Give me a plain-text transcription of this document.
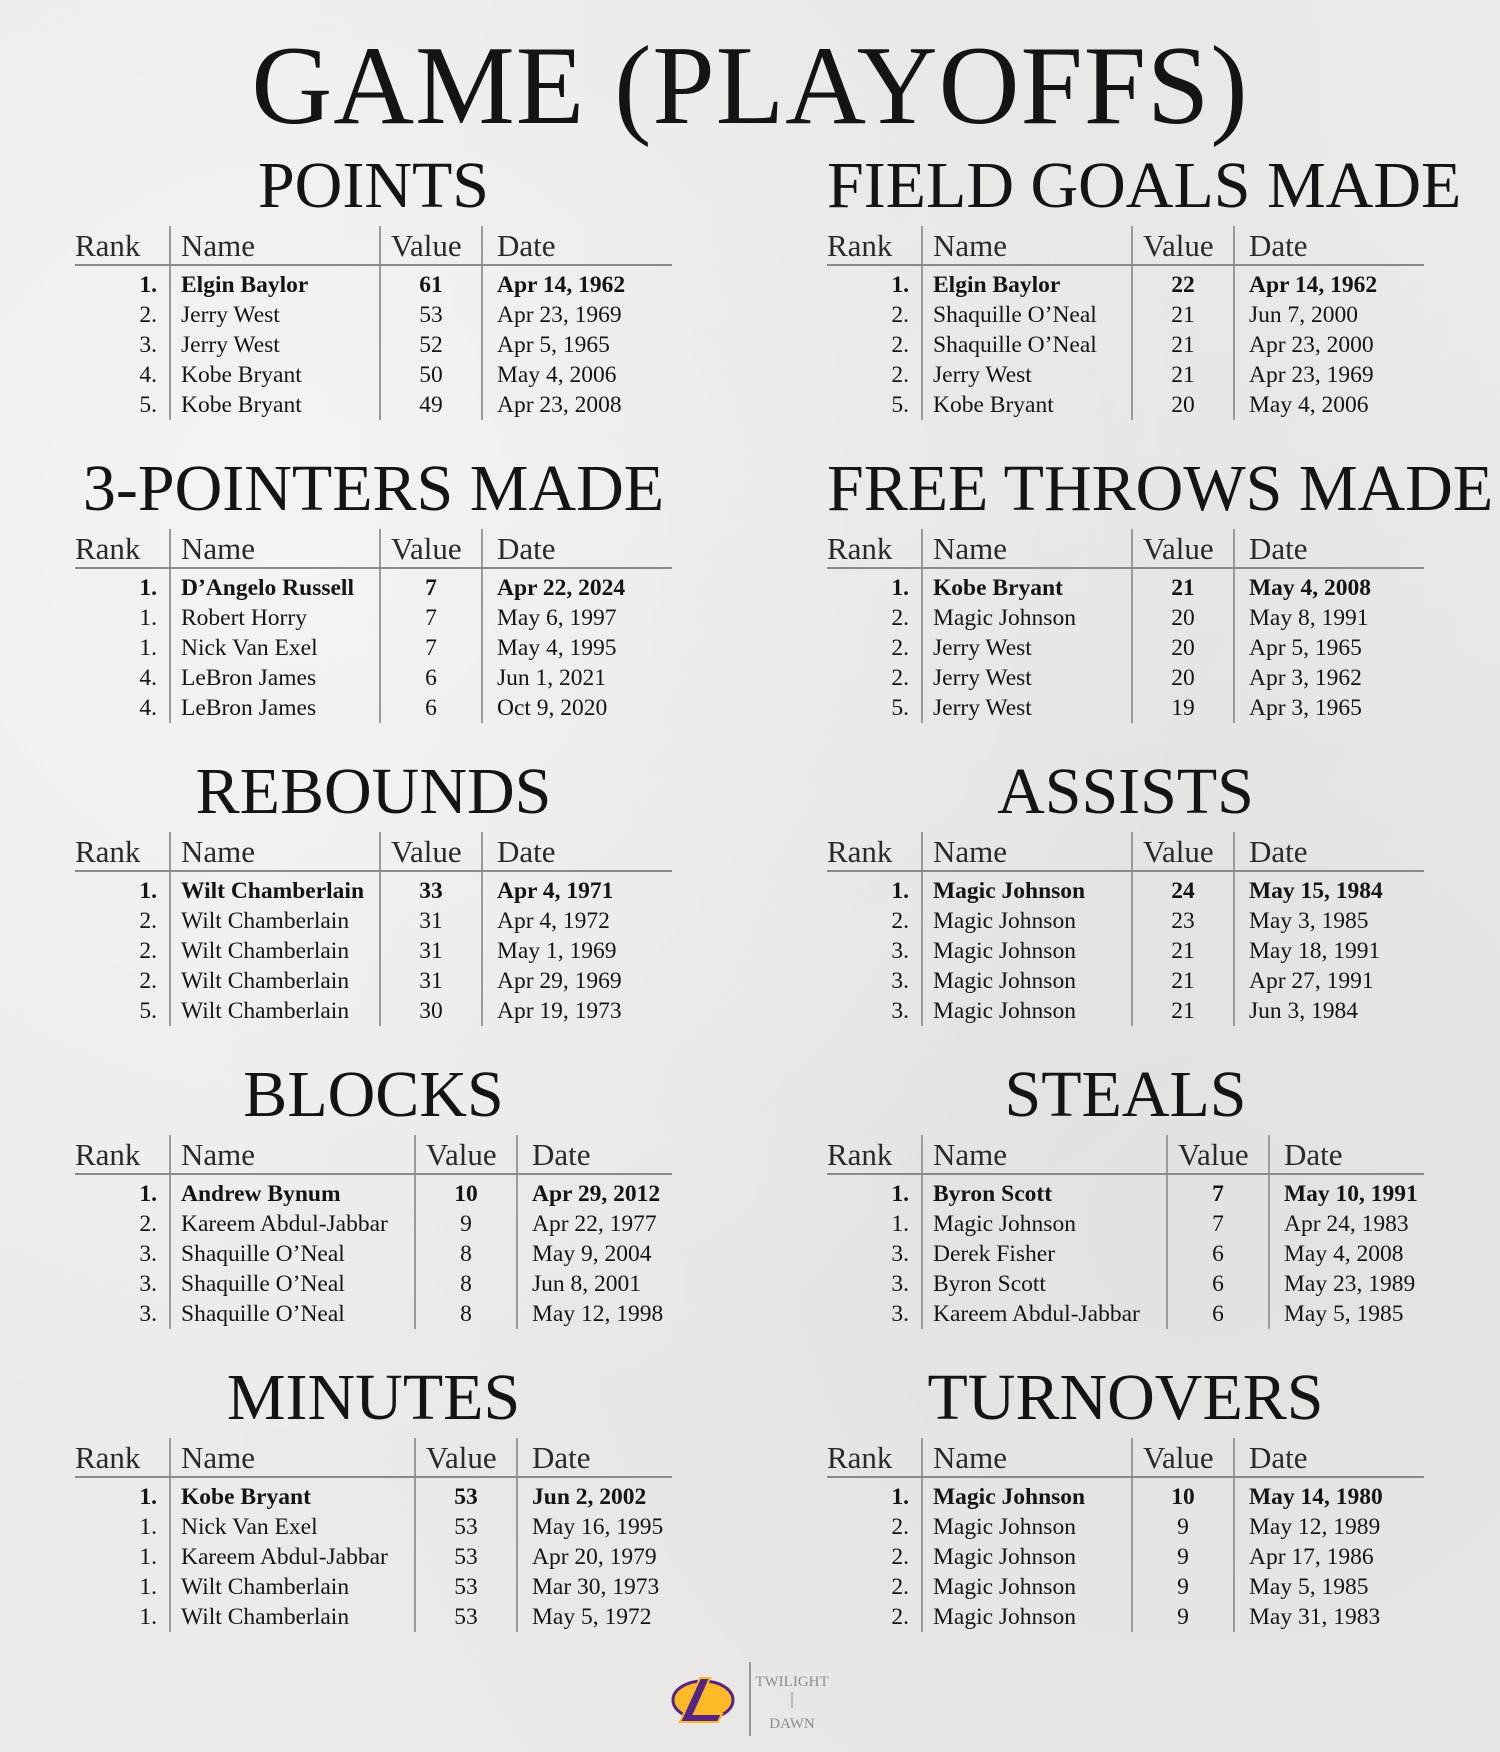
GAME (PLAYOFFS)
POINTS
Rank	Name	Value	Date
1.	Elgin Baylor	61	Apr 14, 1962
2.	Jerry West	53	Apr 23, 1969
3.	Jerry West	52	Apr 5, 1965
4.	Kobe Bryant	50	May 4, 2006
5.	Kobe Bryant	49	Apr 23, 2008
FIELD GOALS MADE
Rank	Name	Value	Date
1.	Elgin Baylor	22	Apr 14, 1962
2.	Shaquille O’Neal	21	Jun 7, 2000
2.	Shaquille O’Neal	21	Apr 23, 2000
2.	Jerry West	21	Apr 23, 1969
5.	Kobe Bryant	20	May 4, 2006
3-POINTERS MADE
Rank	Name	Value	Date
1.	D’Angelo Russell	7	Apr 22, 2024
1.	Robert Horry	7	May 6, 1997
1.	Nick Van Exel	7	May 4, 1995
4.	LeBron James	6	Jun 1, 2021
4.	LeBron James	6	Oct 9, 2020
FREE THROWS MADE
Rank	Name	Value	Date
1.	Kobe Bryant	21	May 4, 2008
2.	Magic Johnson	20	May 8, 1991
2.	Jerry West	20	Apr 5, 1965
2.	Jerry West	20	Apr 3, 1962
5.	Jerry West	19	Apr 3, 1965
REBOUNDS
Rank	Name	Value	Date
1.	Wilt Chamberlain	33	Apr 4, 1971
2.	Wilt Chamberlain	31	Apr 4, 1972
2.	Wilt Chamberlain	31	May 1, 1969
2.	Wilt Chamberlain	31	Apr 29, 1969
5.	Wilt Chamberlain	30	Apr 19, 1973
ASSISTS
Rank	Name	Value	Date
1.	Magic Johnson	24	May 15, 1984
2.	Magic Johnson	23	May 3, 1985
3.	Magic Johnson	21	May 18, 1991
3.	Magic Johnson	21	Apr 27, 1991
3.	Magic Johnson	21	Jun 3, 1984
BLOCKS
Rank	Name	Value	Date
1.	Andrew Bynum	10	Apr 29, 2012
2.	Kareem Abdul-Jabbar	9	Apr 22, 1977
3.	Shaquille O’Neal	8	May 9, 2004
3.	Shaquille O’Neal	8	Jun 8, 2001
3.	Shaquille O’Neal	8	May 12, 1998
STEALS
Rank	Name	Value	Date
1.	Byron Scott	7	May 10, 1991
1.	Magic Johnson	7	Apr 24, 1983
3.	Derek Fisher	6	May 4, 2008
3.	Byron Scott	6	May 23, 1989
3.	Kareem Abdul-Jabbar	6	May 5, 1985
MINUTES
Rank	Name	Value	Date
1.	Kobe Bryant	53	Jun 2, 2002
1.	Nick Van Exel	53	May 16, 1995
1.	Kareem Abdul-Jabbar	53	Apr 20, 1979
1.	Wilt Chamberlain	53	Mar 30, 1973
1.	Wilt Chamberlain	53	May 5, 1972
TURNOVERS
Rank	Name	Value	Date
1.	Magic Johnson	10	May 14, 1980
2.	Magic Johnson	9	May 12, 1989
2.	Magic Johnson	9	Apr 17, 1986
2.	Magic Johnson	9	May 5, 1985
2.	Magic Johnson	9	May 31, 1983
TWILIGHT
DAWN
